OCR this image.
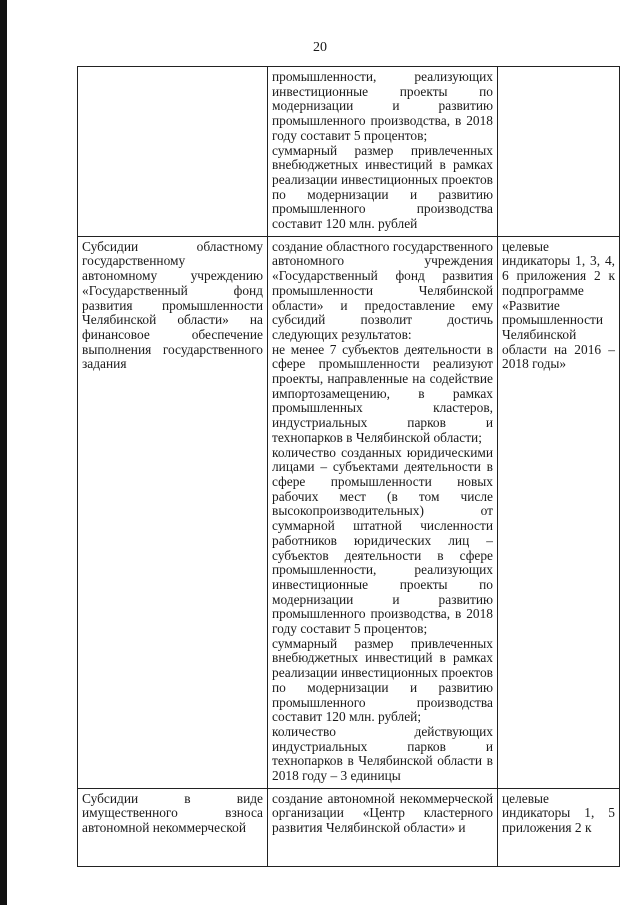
20

	промышленности, реализующих инвестиционные проекты по модернизации и развитию промышленного производства, в 2018 году составит 5 процентов;
суммарный размер привлеченных внебюджетных инвестиций в рамках реализации инвестиционных проектов по модернизации и развитию промышленного производства составит 120 млн. рублей	

Субсидии областному государственному автономному учреждению «Государственный фонд развития промышленности Челябинской области» на финансовое обеспечение выполнения государственного задания	создание областного государственного автономного учреждения «Государственный фонд развития промышленности Челябинской области» и предоставление ему субсидий позволит достичь следующих результатов:
не менее 7 субъектов деятельности в сфере промышленности реализуют проекты, направленные на содействие импортозамещению, в рамках промышленных кластеров, индустриальных парков и технопарков в Челябинской области;
количество созданных юридическими лицами – субъектами деятельности в сфере промышленности новых рабочих мест (в том числе высокопроизводительных) от суммарной штатной численности работников юридических лиц – субъектов деятельности в сфере промышленности, реализующих инвестиционные проекты по модернизации и развитию промышленного производства, в 2018 году составит 5 процентов;
суммарный размер привлеченных внебюджетных инвестиций в рамках реализации инвестиционных проектов по модернизации и развитию промышленного производства составит 120 млн. рублей;
количество действующих индустриальных парков и технопарков в Челябинской области в 2018 году – 3 единицы	целевые индикаторы 1, 3, 4, 6 приложения 2 к подпрограмме «Развитие промышленности Челябинской области на 2016 – 2018 годы»
Субсидии в виде имущественного взноса автономной некоммерческой	создание автономной некоммерческой организации «Центр кластерного развития Челябинской области» и	целевые индикаторы 1, 5 приложения 2 к
